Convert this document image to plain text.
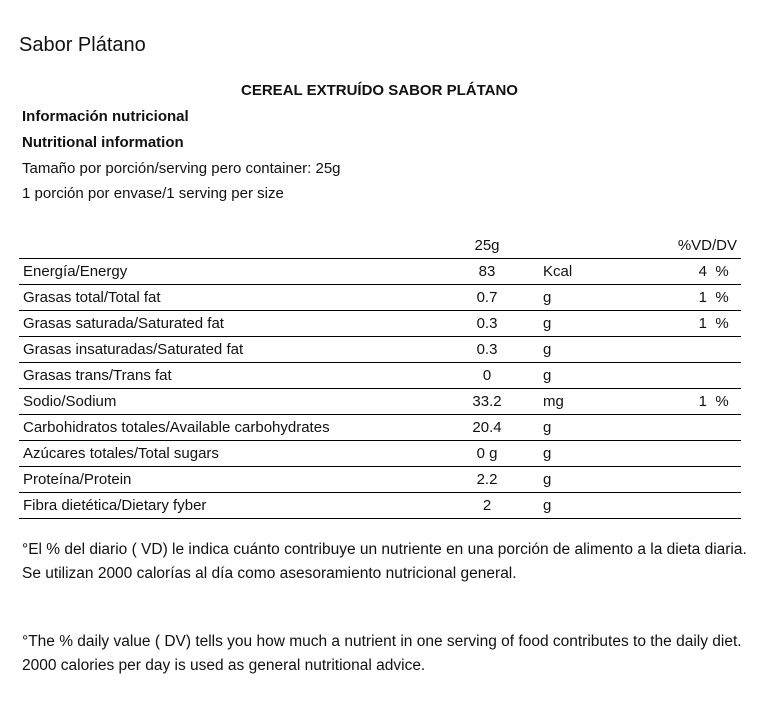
Sabor Plátano
CEREAL EXTRUÍDO SABOR PLÁTANO
Información nutricional
Nutritional information
Tamaño por porción/serving pero container: 25g
1 porción por envase/1 serving per size
	25g		%VD/DV
Energía/Energy	83	Kcal	4 %
Grasas total/Total fat	0.7	g	1 %
Grasas saturada/Saturated fat	0.3	g	1 %
Grasas insaturadas/Saturated fat	0.3	g	
Grasas trans/Trans fat	0	g	
Sodio/Sodium	33.2	mg	1 %
Carbohidratos totales/Available carbohydrates	20.4	g	
Azúcares totales/Total sugars	0 g	g	
Proteína/Protein	2.2	g	
Fibra dietética/Dietary fyber	2	g	
°El % del diario ( VD) le indica cuánto contribuye un nutriente en una porción de alimento a la dieta diaria. Se utilizan 2000 calorías al día como asesoramiento nutricional general.
°The % daily value ( DV) tells you how much a nutrient in one serving of food contributes to the daily diet. 2000 calories per day is used as general nutritional advice.
